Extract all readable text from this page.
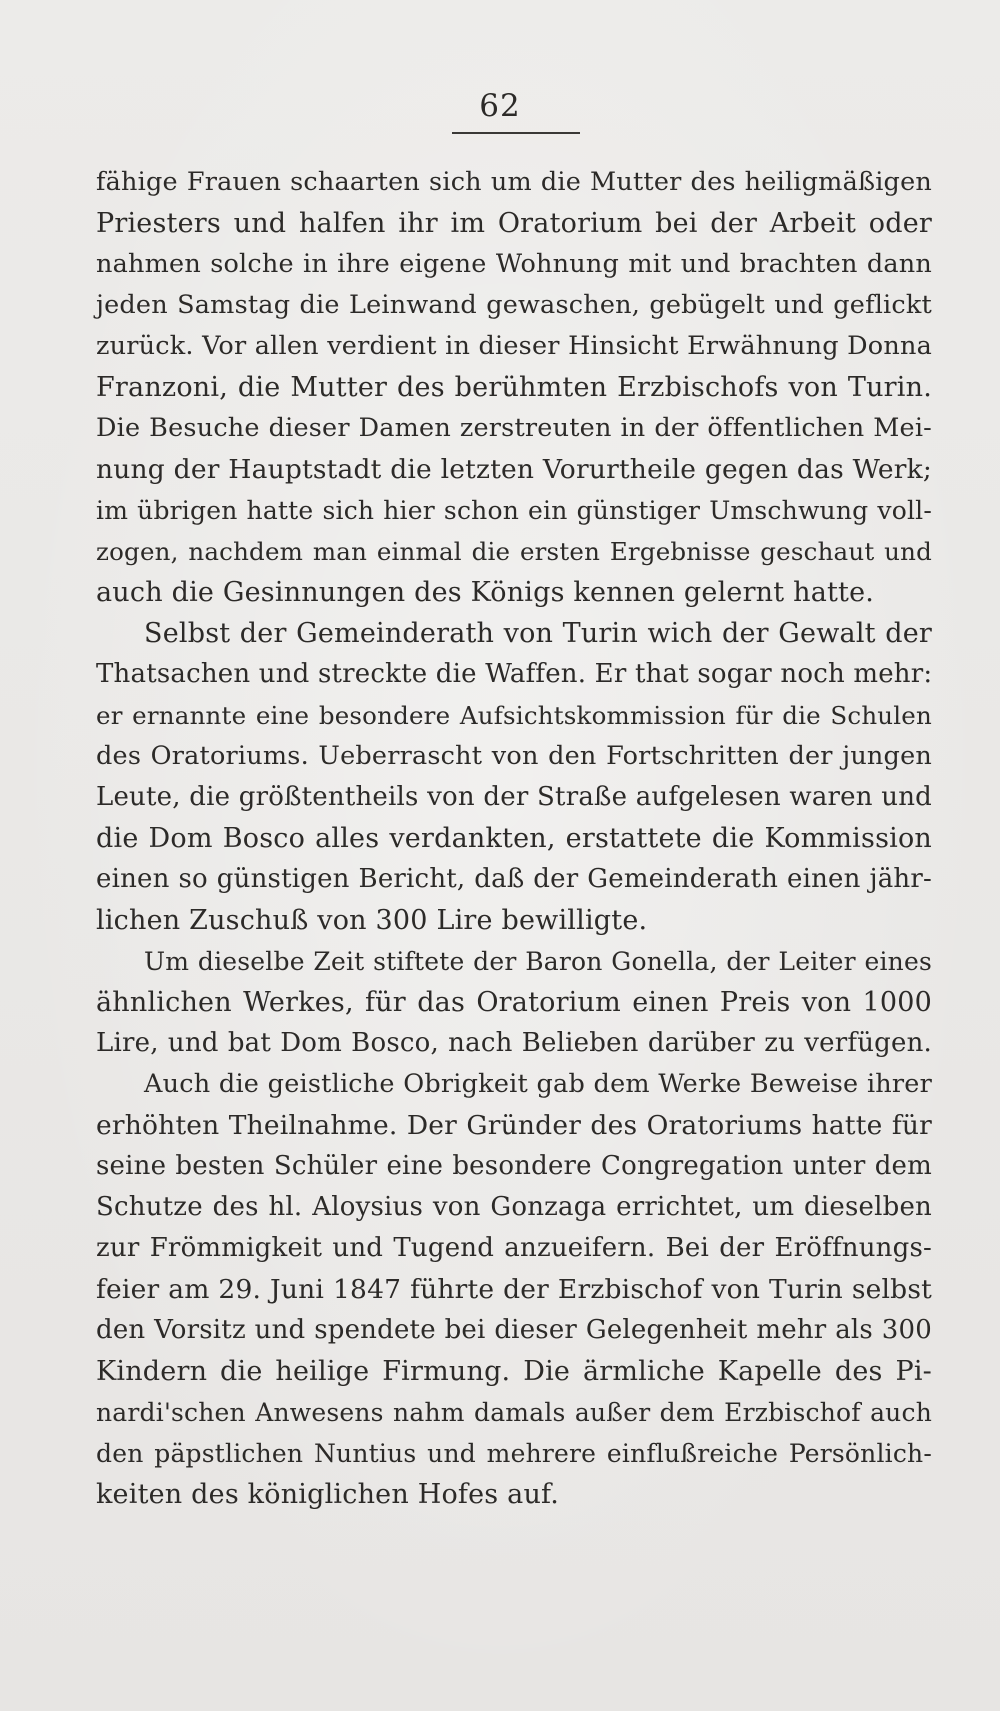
62
fähige Frauen schaarten sich um die Mutter des heiligmäßigen
Priesters und halfen ihr im Oratorium bei der Arbeit oder
nahmen solche in ihre eigene Wohnung mit und brachten dann
jeden Samstag die Leinwand gewaschen, gebügelt und geflickt
zurück. Vor allen verdient in dieser Hinsicht Erwähnung Donna
Franzoni, die Mutter des berühmten Erzbischofs von Turin.
Die Besuche dieser Damen zerstreuten in der öffentlichen Mei-
nung der Hauptstadt die letzten Vorurtheile gegen das Werk;
im übrigen hatte sich hier schon ein günstiger Umschwung voll-
zogen, nachdem man einmal die ersten Ergebnisse geschaut und
auch die Gesinnungen des Königs kennen gelernt hatte.
Selbst der Gemeinderath von Turin wich der Gewalt der
Thatsachen und streckte die Waffen. Er that sogar noch mehr:
er ernannte eine besondere Aufsichtskommission für die Schulen
des Oratoriums. Ueberrascht von den Fortschritten der jungen
Leute, die größtentheils von der Straße aufgelesen waren und
die Dom Bosco alles verdankten, erstattete die Kommission
einen so günstigen Bericht, daß der Gemeinderath einen jähr-
lichen Zuschuß von 300 Lire bewilligte.
Um dieselbe Zeit stiftete der Baron Gonella, der Leiter eines
ähnlichen Werkes, für das Oratorium einen Preis von 1000
Lire, und bat Dom Bosco, nach Belieben darüber zu verfügen.
Auch die geistliche Obrigkeit gab dem Werke Beweise ihrer
erhöhten Theilnahme. Der Gründer des Oratoriums hatte für
seine besten Schüler eine besondere Congregation unter dem
Schutze des hl. Aloysius von Gonzaga errichtet, um dieselben
zur Frömmigkeit und Tugend anzueifern. Bei der Eröffnungs-
feier am 29. Juni 1847 führte der Erzbischof von Turin selbst
den Vorsitz und spendete bei dieser Gelegenheit mehr als 300
Kindern die heilige Firmung. Die ärmliche Kapelle des Pi-
nardi'schen Anwesens nahm damals außer dem Erzbischof auch
den päpstlichen Nuntius und mehrere einflußreiche Persönlich-
keiten des königlichen Hofes auf.
